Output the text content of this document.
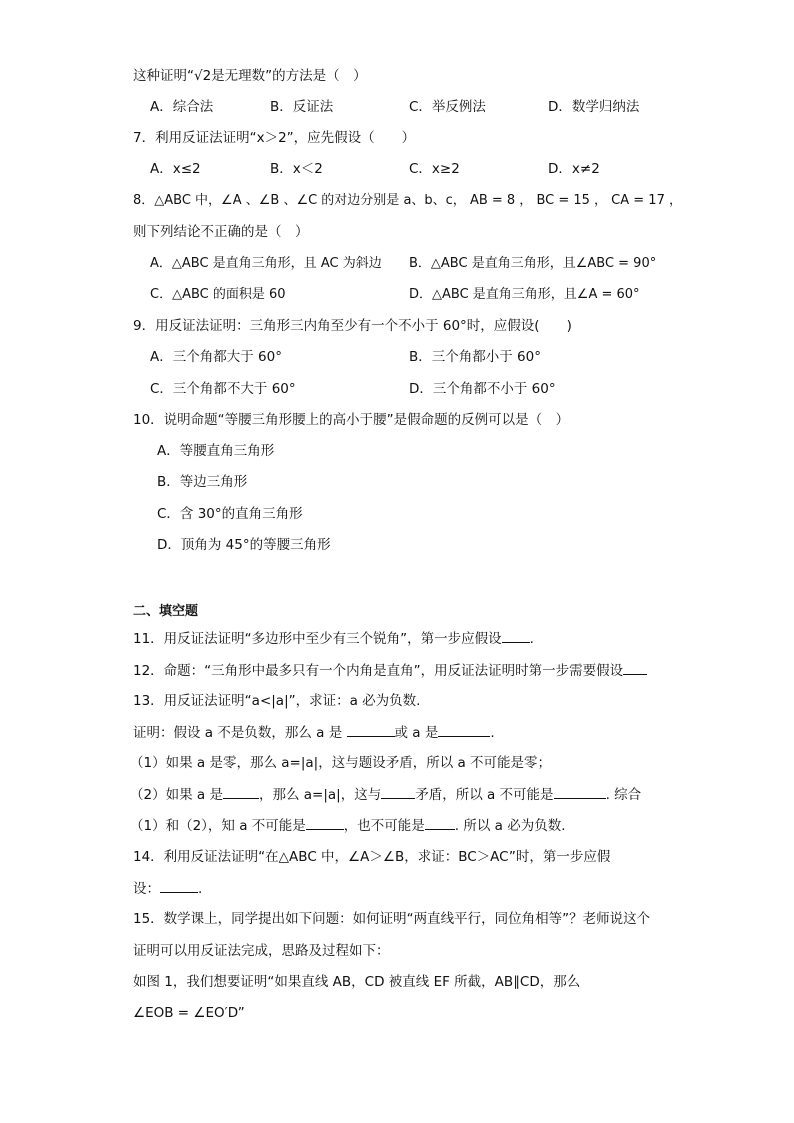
这种证明“√2是无理数”的方法是（　）
A．综合法	B．反证法	C．举反例法	D．数学归纳法
7．利用反证法证明“x＞2”，应先假设（　　）
A．x≤2	B．x＜2	C．x≥2	D．x≠2
8．△ABC 中，∠A 、∠B 、∠C 的对边分别是 a、b、c， AB = 8 ， BC = 15 ， CA = 17 ，
则下列结论不正确的是（　）
A．△ABC 是直角三角形，且 AC 为斜边 B．△ABC 是直角三角形，且∠ABC = 90°
C．△ABC 的面积是 60	D．△ABC 是直角三角形，且∠A = 60°
9．用反证法证明：三角形三内角至少有一个不小于 60°时，应假设(　　)
A．三个角都大于 60°	B．三个角都小于 60°
C．三个角都不大于 60°	D．三个角都不小于 60°
10．说明命题“等腰三角形腰上的高小于腰”是假命题的反例可以是（　）
A．等腰直角三角形
B．等边三角形
C．含 30°的直角三角形
D．顶角为 45°的等腰三角形
二、填空题
11．用反证法证明“多边形中至少有三个锐角”，第一步应假设 .
12．命题：“三角形中最多只有一个内角是直角”，用反证法证明时第一步需要假设
13．用反证法证明“a<|a|”，求证：a 必为负数.
证明：假设 a 不是负数，那么 a 是	或 a 是	.
（1）如果 a 是零，那么 a=|a|，这与题设矛盾，所以 a 不可能是零；
（2）如果 a 是	，那么 a=|a|，这与	矛盾，所以 a 不可能是	. 综合
（1）和（2），知 a 不可能是	，也不可能是 . 所以 a 必为负数.
14．利用反证法证明“在△ABC 中，∠A＞∠B，求证：BC＞AC”时，第一步应假
设：	.
15．数学课上，同学提出如下问题：如何证明“两直线平行，同位角相等”？老师说这个
证明可以用反证法完成，思路及过程如下：
如图 1，我们想要证明“如果直线 AB，CD 被直线 EF 所截，AB∥CD，那么
∠EOB = ∠EO′D”
